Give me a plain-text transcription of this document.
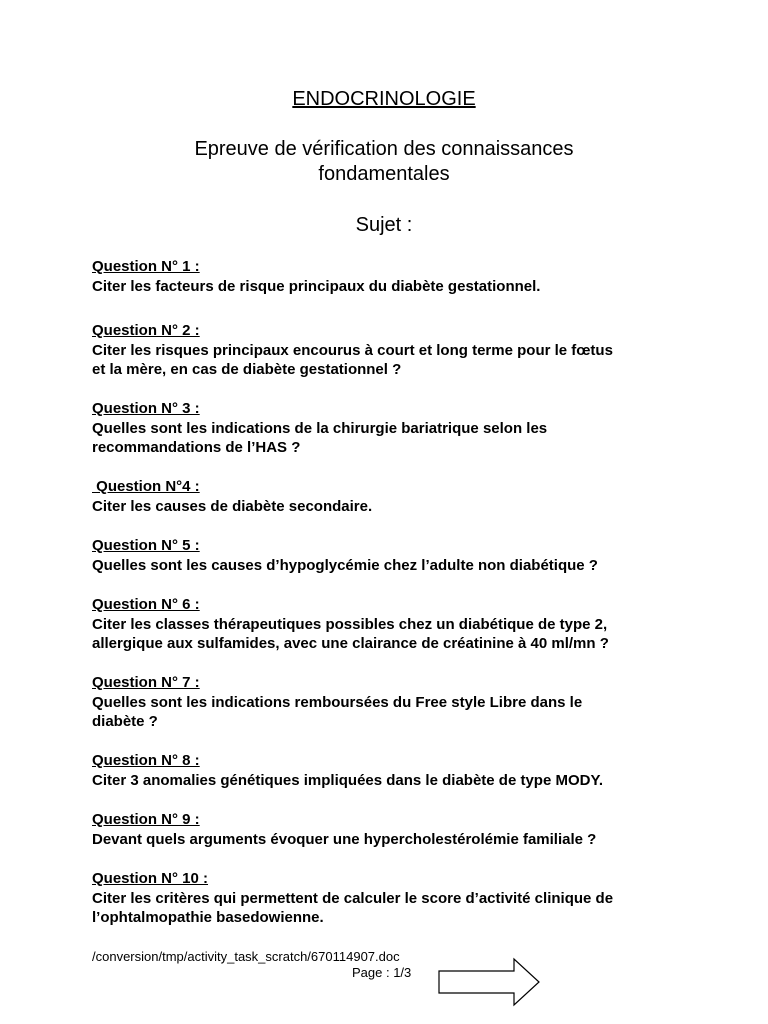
ENDOCRINOLOGIE
Epreuve de vérification des connaissances
fondamentales
Sujet :
Question N° 1 :
Citer les facteurs de risque principaux du diabète gestationnel.
Question N° 2 :
Citer les risques principaux encourus à court et long terme pour le fœtus
et la mère, en cas de diabète gestationnel ?
Question N° 3 :
Quelles sont les indications de la chirurgie bariatrique selon les
recommandations de l’HAS ?
Question N°4 :
Citer les causes de diabète secondaire.
Question N° 5 :
Quelles sont les causes d’hypoglycémie chez l’adulte non diabétique ?
Question N° 6 :
Citer les classes thérapeutiques possibles chez un diabétique de type 2,
allergique aux sulfamides, avec une clairance de créatinine à 40 ml/mn ?
Question N° 7 :
Quelles sont les indications remboursées du Free style Libre dans le
diabète ?
Question N° 8 :
Citer 3 anomalies génétiques impliquées dans le diabète de type MODY.
Question N° 9 :
Devant quels arguments évoquer une hypercholestérolémie familiale ?
Question N° 10 :
Citer les critères qui permettent de calculer le score d’activité clinique de
l’ophtalmopathie basedowienne.
/conversion/tmp/activity_task_scratch/670114907.doc
Page : 1/3
